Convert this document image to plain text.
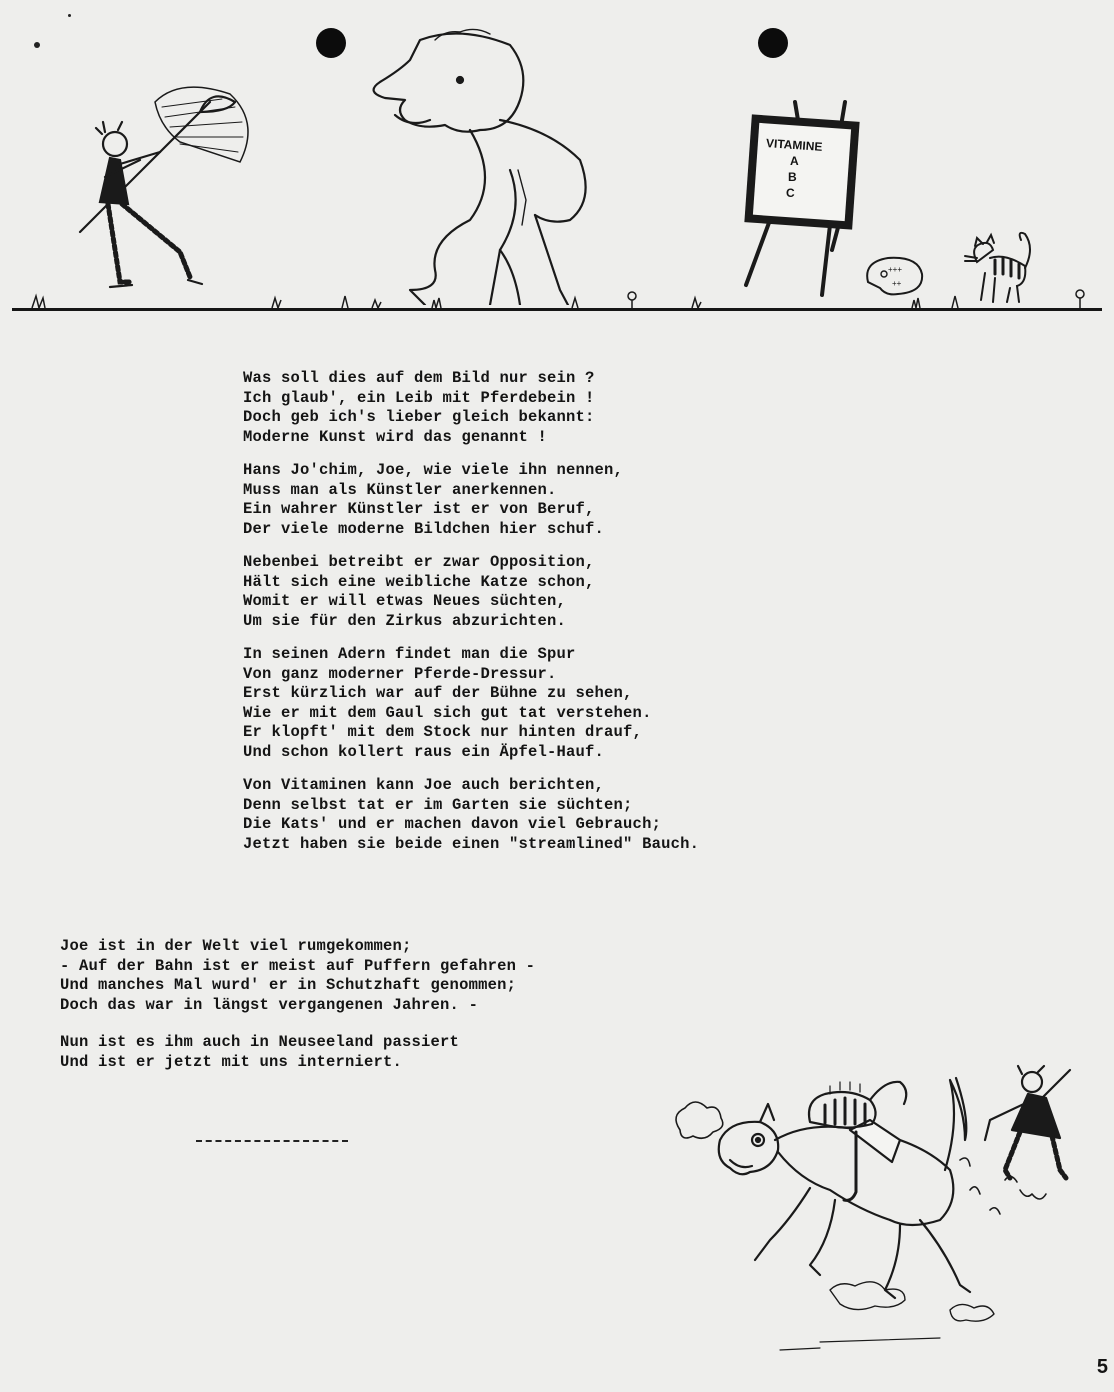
VITAMINE
A
B
C
+++
++
Was soll dies auf dem Bild nur sein ?
Ich glaub', ein Leib mit Pferdebein !
Doch geb ich's lieber gleich bekannt:
Moderne Kunst wird das genannt !
Hans Jo'chim, Joe, wie viele ihn nennen,
Muss man als Künstler anerkennen.
Ein wahrer Künstler ist er von Beruf,
Der viele moderne Bildchen hier schuf.
Nebenbei betreibt er zwar Opposition,
Hält sich eine weibliche Katze schon,
Womit er will etwas Neues süchten,
Um sie für den Zirkus abzurichten.
In seinen Adern findet man die Spur
Von ganz moderner Pferde-Dressur.
Erst kürzlich war auf der Bühne zu sehen,
Wie er mit dem Gaul sich gut tat verstehen.
Er klopft' mit dem Stock nur hinten drauf,
Und schon kollert raus ein Äpfel-Hauf.
Von Vitaminen kann Joe auch berichten,
Denn selbst tat er im Garten sie süchten;
Die Kats' und er machen davon viel Gebrauch;
Jetzt haben sie beide einen "streamlined" Bauch.
Joe ist in der Welt viel rumgekommen;
- Auf der Bahn ist er meist auf Puffern gefahren -
Und manches Mal wurd' er in Schutzhaft genommen;
Doch das war in längst vergangenen Jahren. -
Nun ist es ihm auch in Neuseeland passiert
Und ist er jetzt mit uns interniert.
5
